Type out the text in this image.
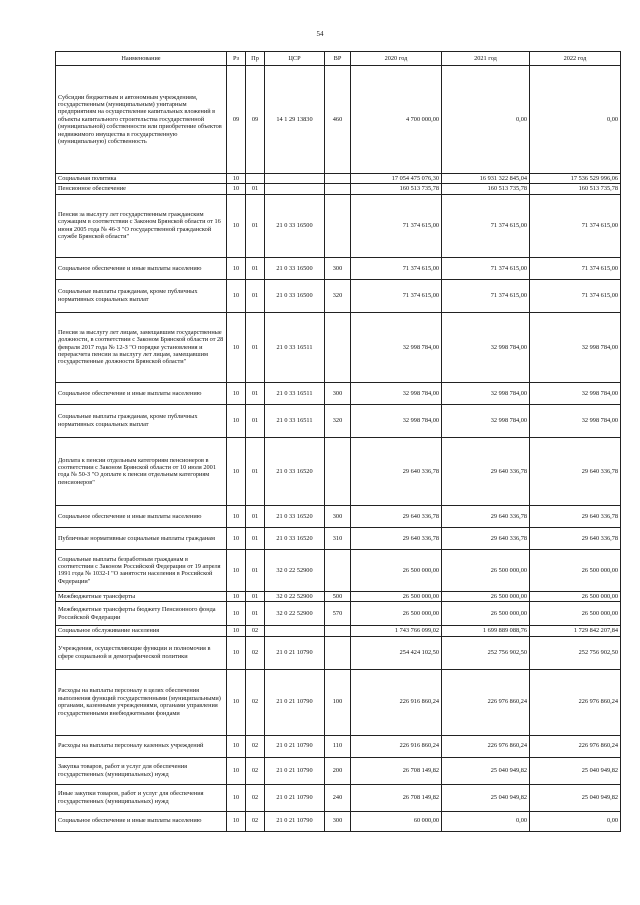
54
Наименование	Рз	Пр	ЦСР	ВР	2020 год	2021 год	2022 год
Субсидии бюджетным и автономным учреждениям, государственным (муниципальным) унитарным предприятиям на осуществление капитальных вложений в объекты капитального строительства государственной (муниципальной) собственности или приобретение объектов недвижимого имущества в государственную (муниципальную) собственность	09	09	14 1 29 13830	460	4 700 000,00	0,00	0,00
Социальная политика	10				17 054 475 076,30	16 931 322 845,04	17 536 529 996,06
Пенсионное обеспечение	10	01			160 513 735,78	160 513 735,78	160 513 735,78
Пенсия за выслугу лет государственным гражданским служащим в соответствии с Законом Брянской области от 16 июня 2005 года № 46-З "О государственной гражданской службе Брянской области"	10	01	21 0 33 16500		71 374 615,00	71 374 615,00	71 374 615,00
Социальное обеспечение и иные выплаты населению	10	01	21 0 33 16500	300	71 374 615,00	71 374 615,00	71 374 615,00
Социальные выплаты гражданам, кроме публичных нормативных социальных выплат	10	01	21 0 33 16500	320	71 374 615,00	71 374 615,00	71 374 615,00
Пенсия за выслугу лет лицам, замещавшим государственные должности, в соответствии с Законом Брянской области от 28 февраля 2017 года № 12-З "О порядке установления и перерасчета пенсии за выслугу лет лицам, замещавшим государственные должности Брянской области"	10	01	21 0 33 16511		32 998 784,00	32 998 784,00	32 998 784,00
Социальное обеспечение и иные выплаты населению	10	01	21 0 33 16511	300	32 998 784,00	32 998 784,00	32 998 784,00
Социальные выплаты гражданам, кроме публичных нормативных социальных выплат	10	01	21 0 33 16511	320	32 998 784,00	32 998 784,00	32 998 784,00
Доплата к пенсии отдельным категориям пенсионеров в соответствии с Законом Брянской области от 10 июля 2001 года № 50-З "О доплате к пенсии отдельным категориям пенсионеров"	10	01	21 0 33 16520		29 640 336,78	29 640 336,78	29 640 336,78
Социальное обеспечение и иные выплаты населению	10	01	21 0 33 16520	300	29 640 336,78	29 640 336,78	29 640 336,78
Публичные нормативные социальные выплаты гражданам	10	01	21 0 33 16520	310	29 640 336,78	29 640 336,78	29 640 336,78
Социальные выплаты безработным гражданам в соответствии с Законом Российской Федерации от 19 апреля 1991 года № 1032-I "О занятости населения в Российской Федерации"	10	01	32 0 22 52900		26 500 000,00	26 500 000,00	26 500 000,00
Межбюджетные трансферты	10	01	32 0 22 52900	500	26 500 000,00	26 500 000,00	26 500 000,00
Межбюджетные трансферты бюджету Пенсионного фонда Российской Федерации	10	01	32 0 22 52900	570	26 500 000,00	26 500 000,00	26 500 000,00
Социальное обслуживание населения	10	02			1 743 766 099,02	1 699 889 088,76	1 729 842 207,84
Учреждения, осуществляющие функции и полномочия в сфере социальной и демографической политики	10	02	21 0 21 10790		254 424 102,50	252 756 902,50	252 756 902,50
Расходы на выплаты персоналу в целях обеспечения выполнения функций государственными (муниципальными) органами, казенными учреждениями, органами управления государственными внебюджетными фондами	10	02	21 0 21 10790	100	226 916 860,24	226 976 860,24	226 976 860,24
Расходы на выплаты персоналу казенных учреждений	10	02	21 0 21 10790	110	226 916 860,24	226 976 860,24	226 976 860,24
Закупка товаров, работ и услуг для обеспечения государственных (муниципальных) нужд	10	02	21 0 21 10790	200	26 708 149,82	25 040 949,82	25 040 949,82
Иные закупки товаров, работ и услуг для обеспечения государственных (муниципальных) нужд	10	02	21 0 21 10790	240	26 708 149,82	25 040 949,82	25 040 949,82
Социальное обеспечение и иные выплаты населению	10	02	21 0 21 10790	300	60 000,00	0,00	0,00
